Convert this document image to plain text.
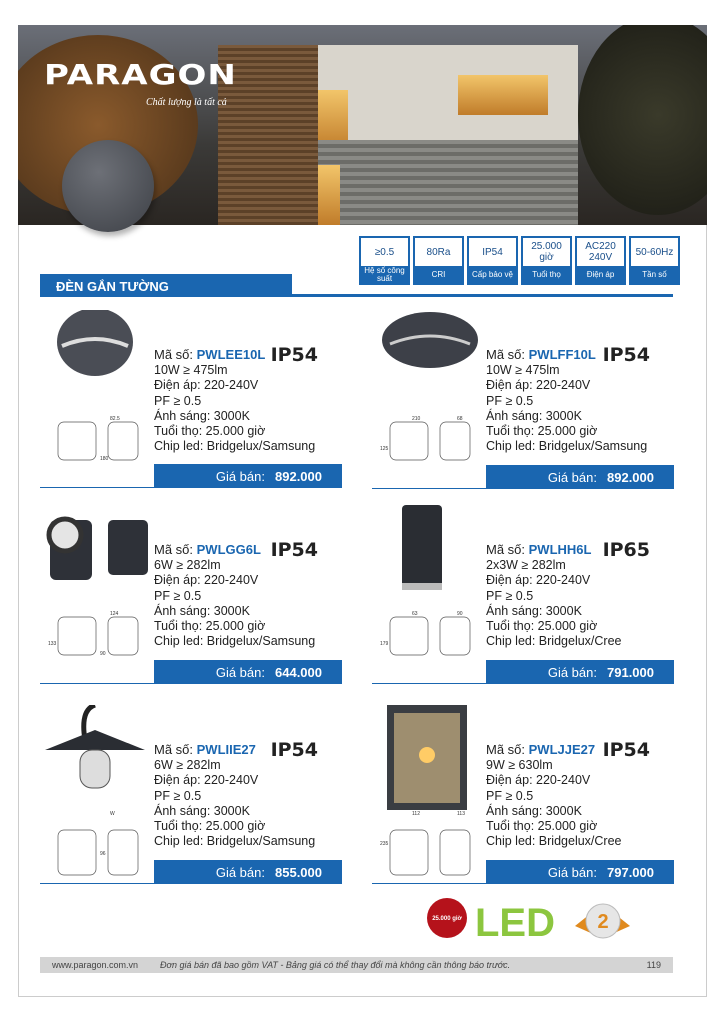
PARAGON
Chất lượng là tất cả
≥0.5
Hệ số công suất
80Ra
CRI
IP54
Cấp bảo vệ
25.000 giờ
Tuổi thọ
AC220 240V
Điện áp
50-60Hz
Tần số
ĐÈN GẮN TƯỜNG
82.5
180
Mã số: PWLEE10L IP54
10W ≥ 475lm
Điện áp: 220-240V
PF ≥ 0.5
Ánh sáng: 3000K
Tuổi thọ: 25.000 giờ
Chip led: Bridgelux/Samsung
Giá bán: 892.000
210	68
125
Mã số: PWLFF10L IP54
10W ≥ 475lm
Điện áp: 220-240V
PF ≥ 0.5
Ánh sáng: 3000K
Tuổi thọ: 25.000 giờ
Chip led: Bridgelux/Samsung
Giá bán: 892.000
124
90
133
Mã số: PWLGG6L IP54
6W ≥ 282lm
Điện áp: 220-240V
PF ≥ 0.5
Ánh sáng: 3000K
Tuổi thọ: 25.000 giờ
Chip led: Bridgelux/Samsung
Giá bán: 644.000
63	90
179
Mã số: PWLHH6L IP65
2x3W ≥ 282lm
Điện áp: 220-240V
PF ≥ 0.5
Ánh sáng: 3000K
Tuổi thọ: 25.000 giờ
Chip led: Bridgelux/Cree
Giá bán: 791.000
W
96
Mã số: PWLIIE27 IP54
6W ≥ 282lm
Điện áp: 220-240V
PF ≥ 0.5
Ánh sáng: 3000K
Tuổi thọ: 25.000 giờ
Chip led: Bridgelux/Samsung
Giá bán: 855.000
112	113
235
Mã số: PWLJJE27 IP54
9W ≥ 630lm
Điện áp: 220-240V
PF ≥ 0.5
Ánh sáng: 3000K
Tuổi thọ: 25.000 giờ
Chip led: Bridgelux/Cree
Giá bán: 797.000
25.000 giờ LED 2
www.paragon.com.vn Đơn giá bán đã bao gồm VAT - Bảng giá có thể thay đổi mà không cần thông báo trước.	119
